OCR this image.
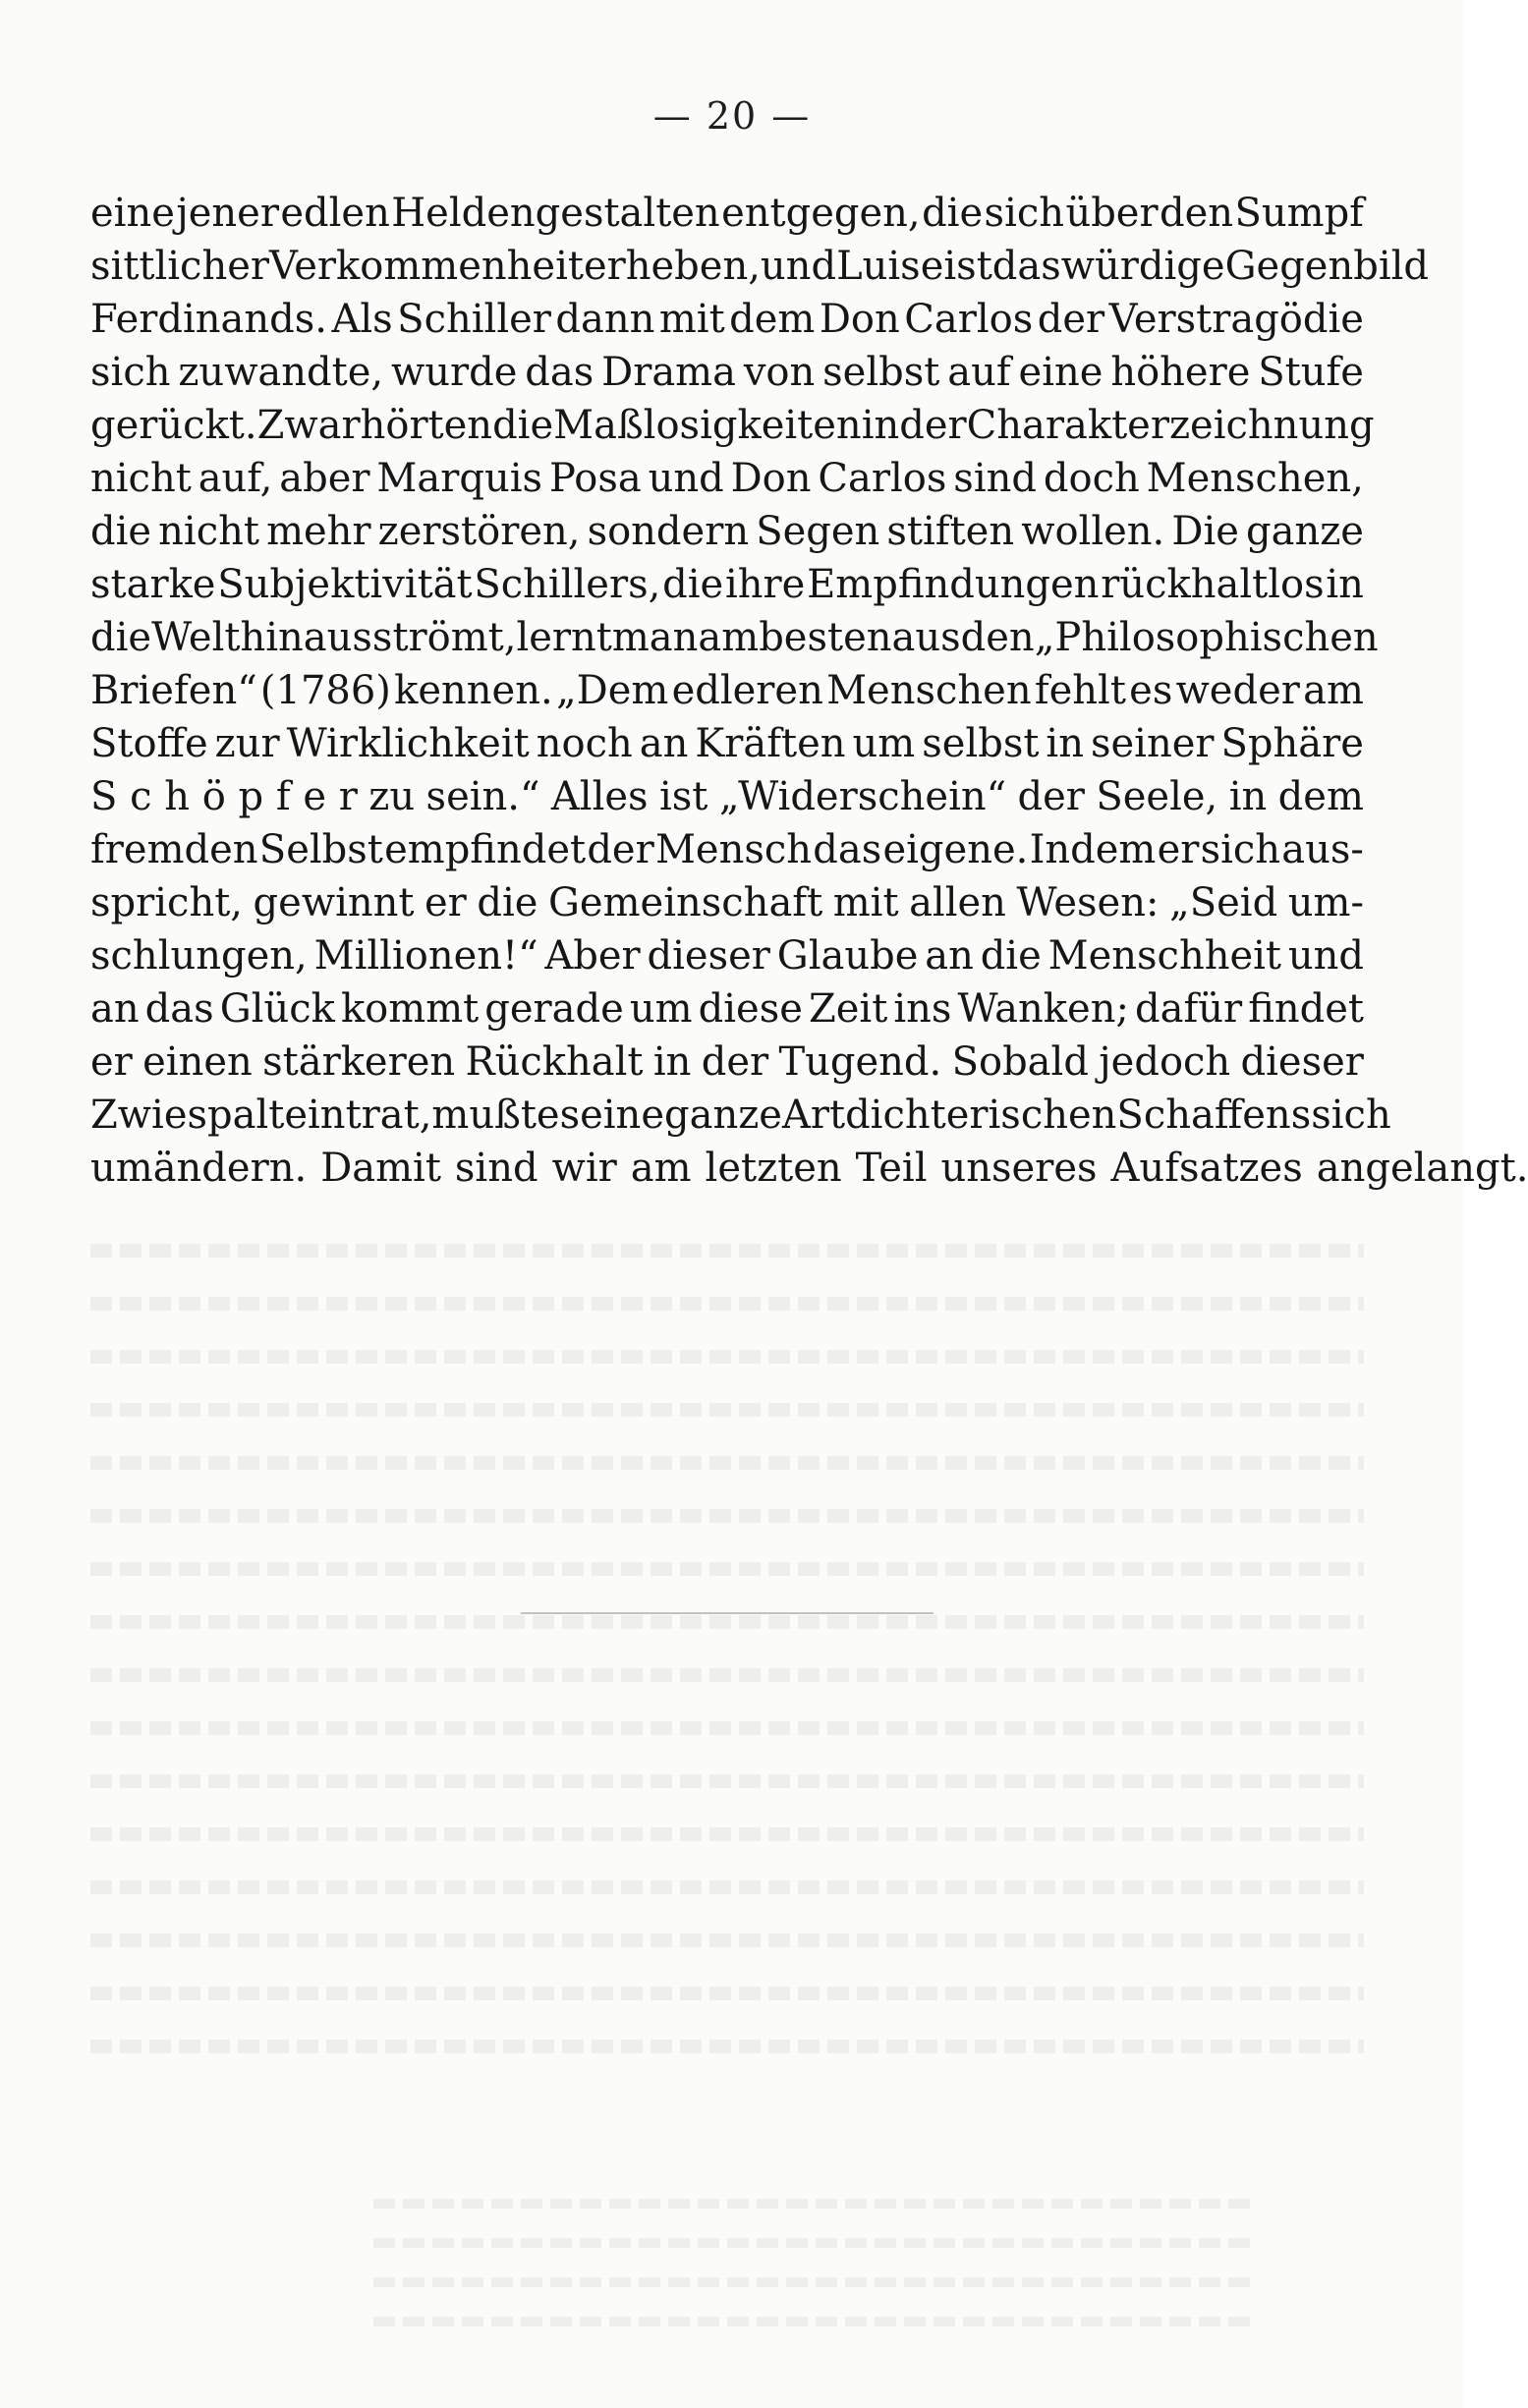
— 20 —
eine jener edlen Heldengestalten entgegen, die sich über den Sumpf
sittlicher Verkommenheit erheben, und Luise ist das würdige Gegenbild
Ferdinands. Als Schiller dann mit dem Don Carlos der Verstragödie
sich zuwandte, wurde das Drama von selbst auf eine höhere Stufe
gerückt. Zwar hörten die Maßlosigkeiten in der Charakterzeichnung
nicht auf, aber Marquis Posa und Don Carlos sind doch Menschen,
die nicht mehr zerstören, sondern Segen stiften wollen. Die ganze
starke Subjektivität Schillers, die ihre Empfindungen rückhaltlos in
die Welt hinausströmt, lernt man am besten aus den „Philosophischen
Briefen“ (1786) kennen. „Dem edleren Menschen fehlt es weder am
Stoffe zur Wirklichkeit noch an Kräften um selbst in seiner Sphäre
S c h ö p f e r zu sein.“ Alles ist „Widerschein“ der Seele, in dem
fremden Selbst empfindet der Mensch das eigene. Indem er sich aus-
spricht, gewinnt er die Gemeinschaft mit allen Wesen: „Seid um-
schlungen, Millionen!“ Aber dieser Glaube an die Menschheit und
an das Glück kommt gerade um diese Zeit ins Wanken; dafür findet
er einen stärkeren Rückhalt in der Tugend. Sobald jedoch dieser
Zwiespalt eintrat, mußte seine ganze Art dichterischen Schaffens sich
umändern. Damit sind wir am letzten Teil unseres Aufsatzes angelangt.
